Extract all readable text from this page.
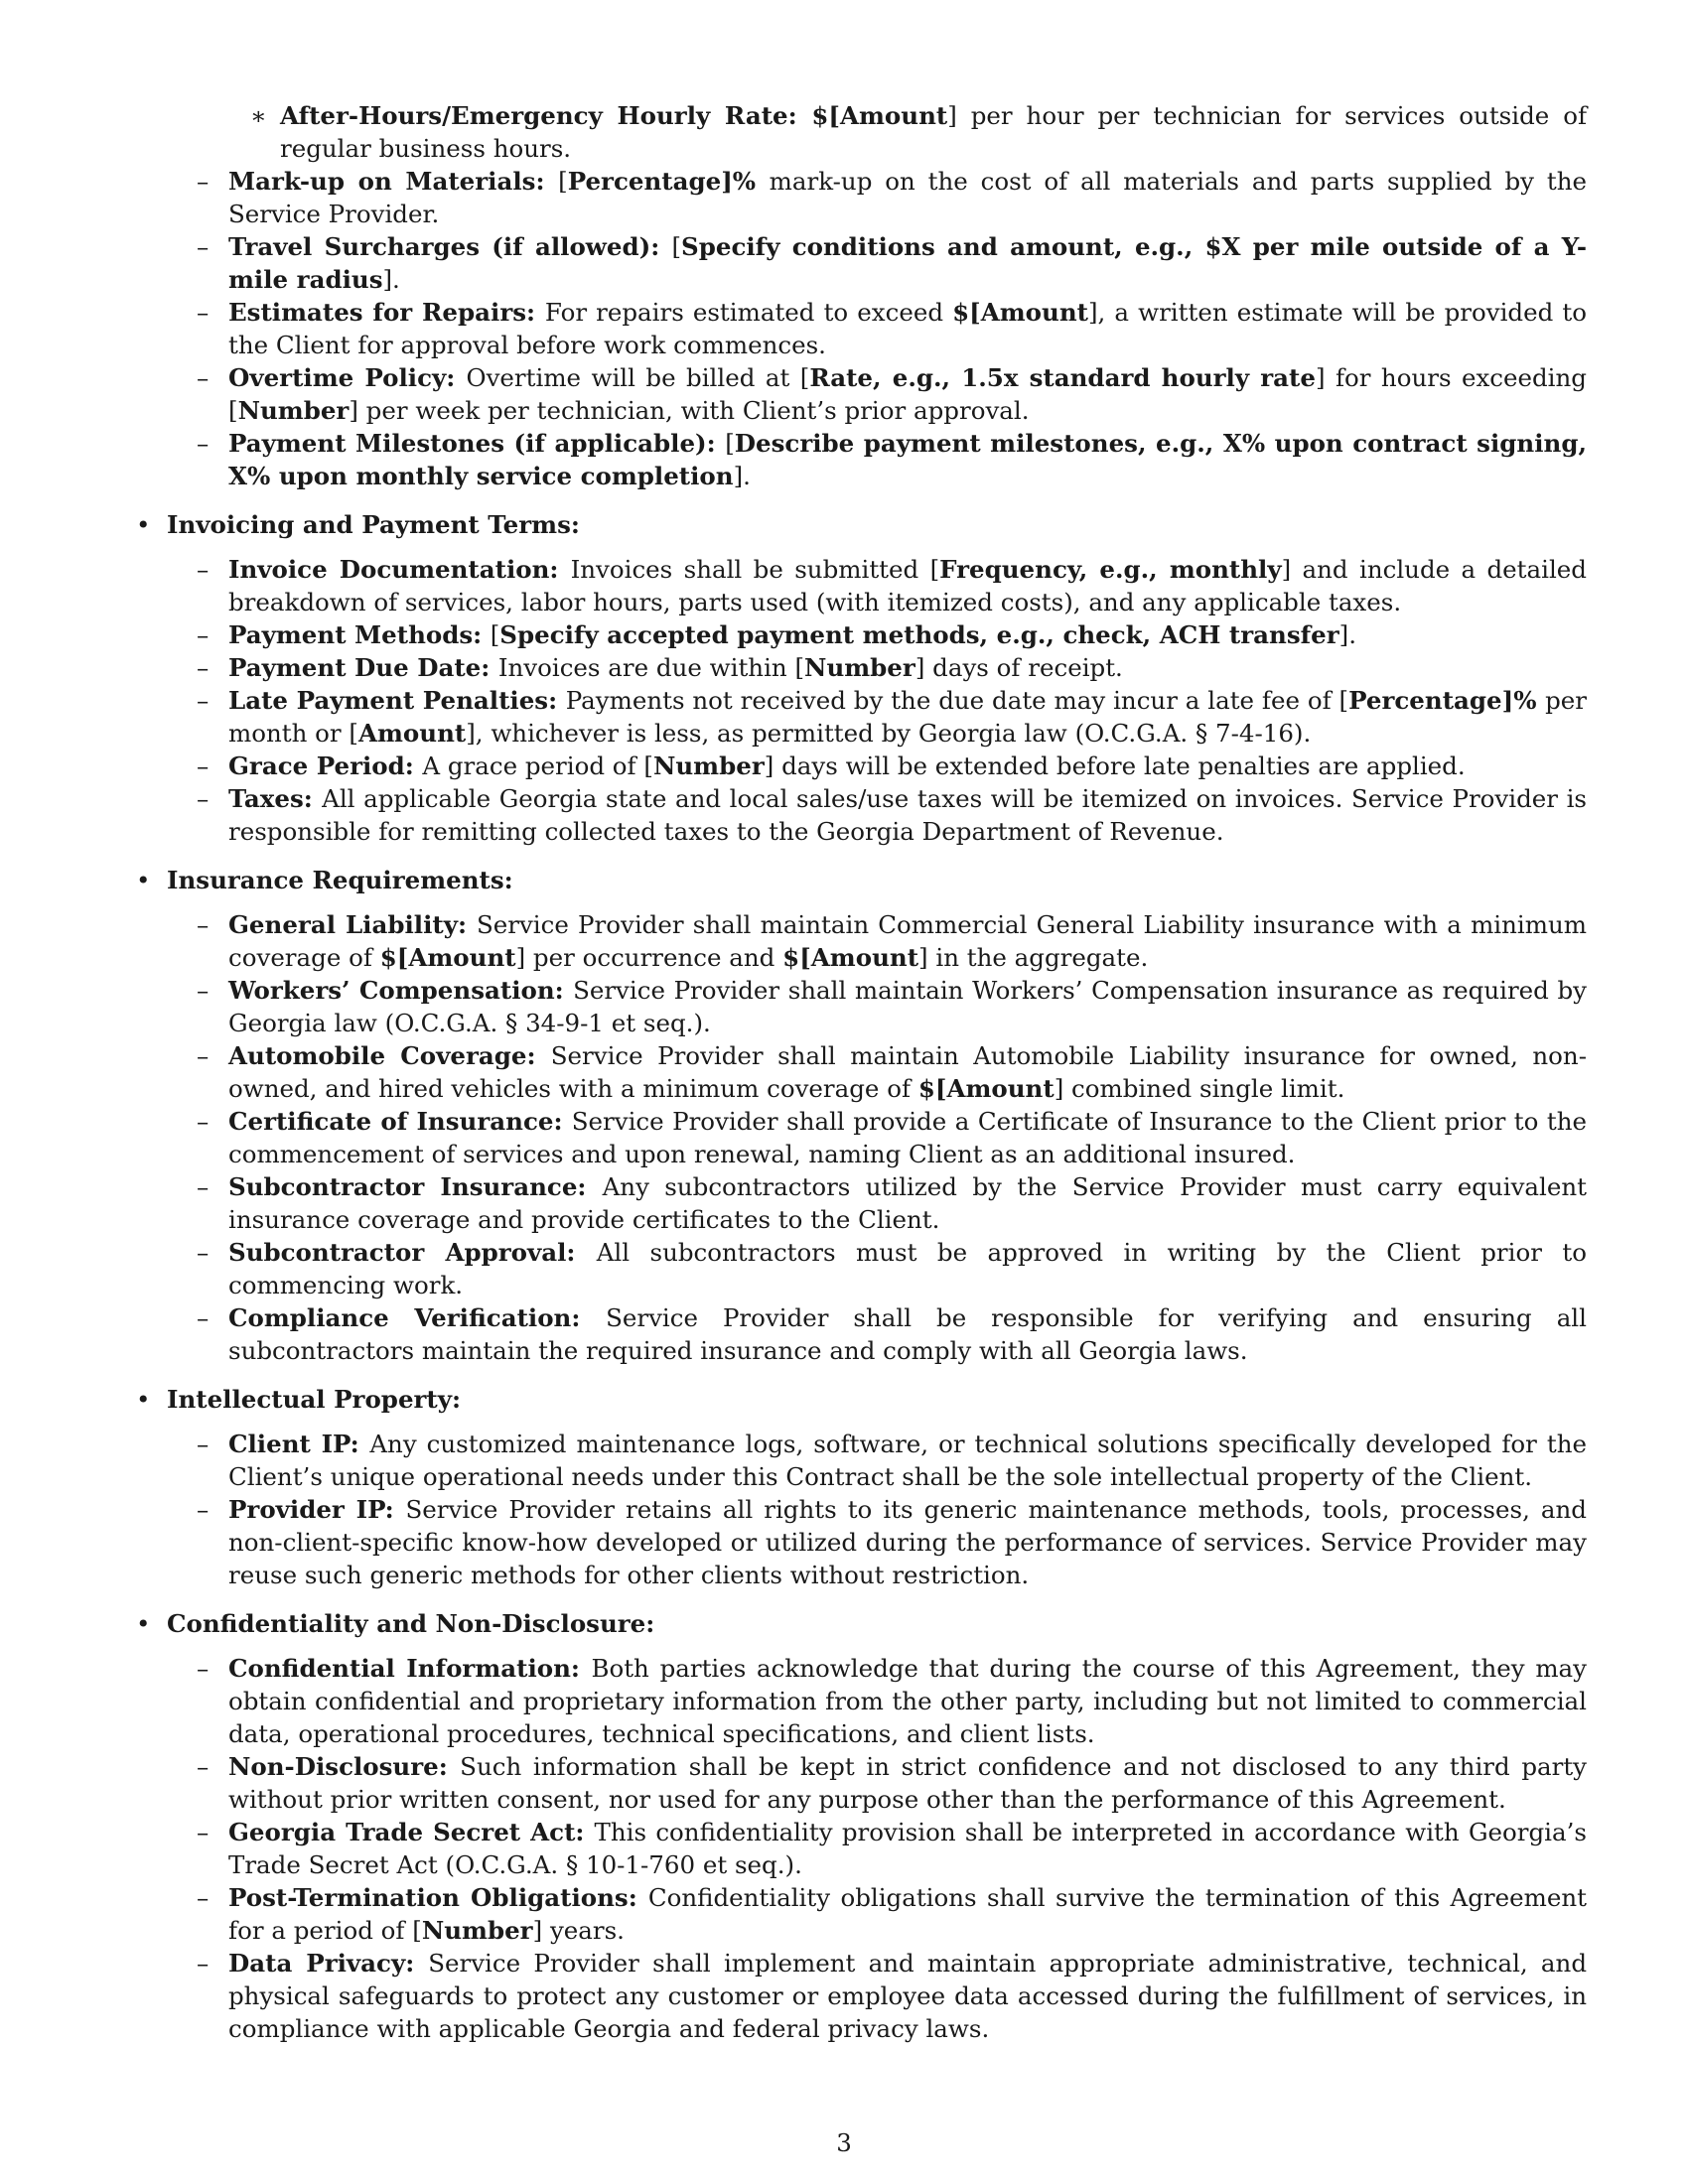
∗ After-Hours/Emergency Hourly Rate: $[Amount] per hour per technician for services outside of regular business hours.
– Mark-up on Materials: [Percentage]% mark-up on the cost of all materials and parts supplied by the Service Provider.
– Travel Surcharges (if allowed): [Specify conditions and amount, e.g., $X per mile outside of a Y-mile radius].
– Estimates for Repairs: For repairs estimated to exceed $[Amount], a written estimate will be provided to the Client for approval before work commences.
– Overtime Policy: Overtime will be billed at [Rate, e.g., 1.5x standard hourly rate] for hours exceeding [Number] per week per technician, with Client’s prior approval.
– Payment Milestones (if applicable): [Describe payment milestones, e.g., X% upon contract signing, X% upon monthly service completion].
• Invoicing and Payment Terms:
– Invoice Documentation: Invoices shall be submitted [Frequency, e.g., monthly] and include a detailed breakdown of services, labor hours, parts used (with itemized costs), and any applicable taxes.
– Payment Methods: [Specify accepted payment methods, e.g., check, ACH transfer].
– Payment Due Date: Invoices are due within [Number] days of receipt.
– Late Payment Penalties: Payments not received by the due date may incur a late fee of [Percentage]% per month or [Amount], whichever is less, as permitted by Georgia law (O.C.G.A. § 7-4-16).
– Grace Period: A grace period of [Number] days will be extended before late penalties are applied.
– Taxes: All applicable Georgia state and local sales/use taxes will be itemized on invoices. Service Provider is responsible for remitting collected taxes to the Georgia Department of Revenue.
• Insurance Requirements:
– General Liability: Service Provider shall maintain Commercial General Liability insurance with a minimum coverage of $[Amount] per occurrence and $[Amount] in the aggregate.
– Workers’ Compensation: Service Provider shall maintain Workers’ Compensation insurance as required by Georgia law (O.C.G.A. § 34-9-1 et seq.).
– Automobile Coverage: Service Provider shall maintain Automobile Liability insurance for owned, non-owned, and hired vehicles with a minimum coverage of $[Amount] combined single limit.
– Certificate of Insurance: Service Provider shall provide a Certificate of Insurance to the Client prior to the commencement of services and upon renewal, naming Client as an additional insured.
– Subcontractor Insurance: Any subcontractors utilized by the Service Provider must carry equivalent insurance coverage and provide certificates to the Client.
– Subcontractor Approval: All subcontractors must be approved in writing by the Client prior to commencing work.
– Compliance Verification: Service Provider shall be responsible for verifying and ensuring all subcontractors maintain the required insurance and comply with all Georgia laws.
• Intellectual Property:
– Client IP: Any customized maintenance logs, software, or technical solutions specifically developed for the Client’s unique operational needs under this Contract shall be the sole intellectual property of the Client.
– Provider IP: Service Provider retains all rights to its generic maintenance methods, tools, processes, and non-client-specific know-how developed or utilized during the performance of services. Service Provider may reuse such generic methods for other clients without restriction.
• Confidentiality and Non-Disclosure:
– Confidential Information: Both parties acknowledge that during the course of this Agreement, they may obtain confidential and proprietary information from the other party, including but not limited to commercial data, operational procedures, technical specifications, and client lists.
– Non-Disclosure: Such information shall be kept in strict confidence and not disclosed to any third party without prior written consent, nor used for any purpose other than the performance of this Agreement.
– Georgia Trade Secret Act: This confidentiality provision shall be interpreted in accordance with Georgia’s Trade Secret Act (O.C.G.A. § 10-1-760 et seq.).
– Post-Termination Obligations: Confidentiality obligations shall survive the termination of this Agreement for a period of [Number] years.
– Data Privacy: Service Provider shall implement and maintain appropriate administrative, technical, and physical safeguards to protect any customer or employee data accessed during the fulfillment of services, in compliance with applicable Georgia and federal privacy laws.
3
